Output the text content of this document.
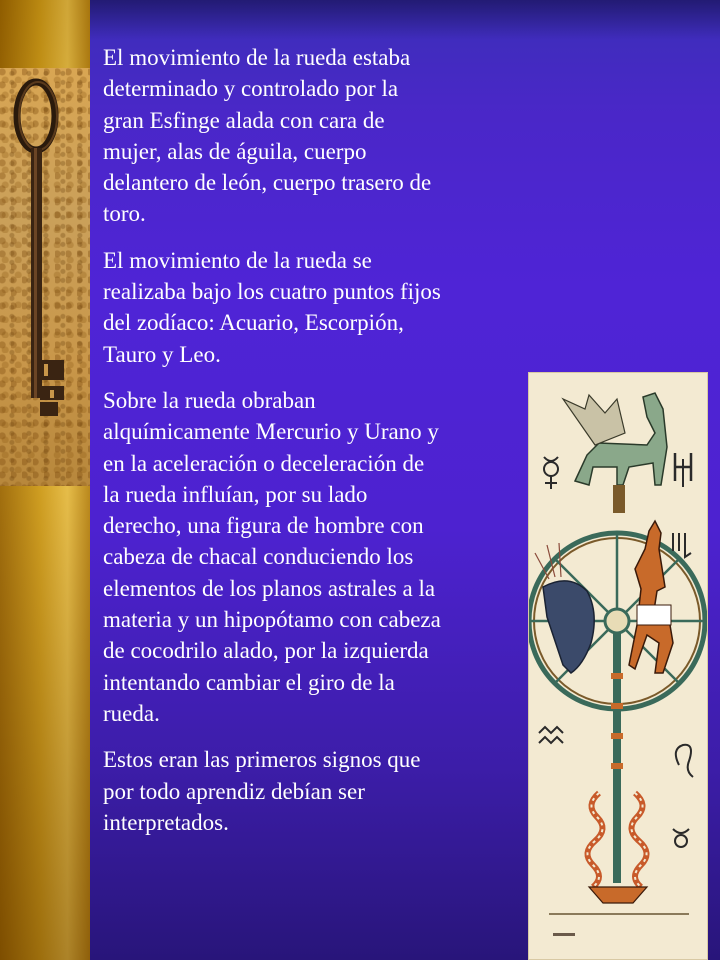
El movimiento de la rueda estaba
determinado y controlado por la
gran Esfinge alada con cara de
mujer, alas de águila, cuerpo
delantero de león, cuerpo trasero de
toro.

El movimiento de la rueda se
realizaba bajo los cuatro puntos fijos
del zodíaco: Acuario, Escorpión,
Tauro y Leo.

Sobre la rueda obraban
alquímicamente Mercurio y Urano y
en la aceleración o deceleración de
la rueda influían, por su lado
derecho, una figura de hombre con
cabeza de chacal conduciendo los
elementos de los planos astrales a la
materia y un hipopótamo con cabeza
de cocodrilo alado, por la izquierda
intentando cambiar el giro de la
rueda.

Estos eran las primeros signos que
por todo aprendiz debían ser
interpretados.
